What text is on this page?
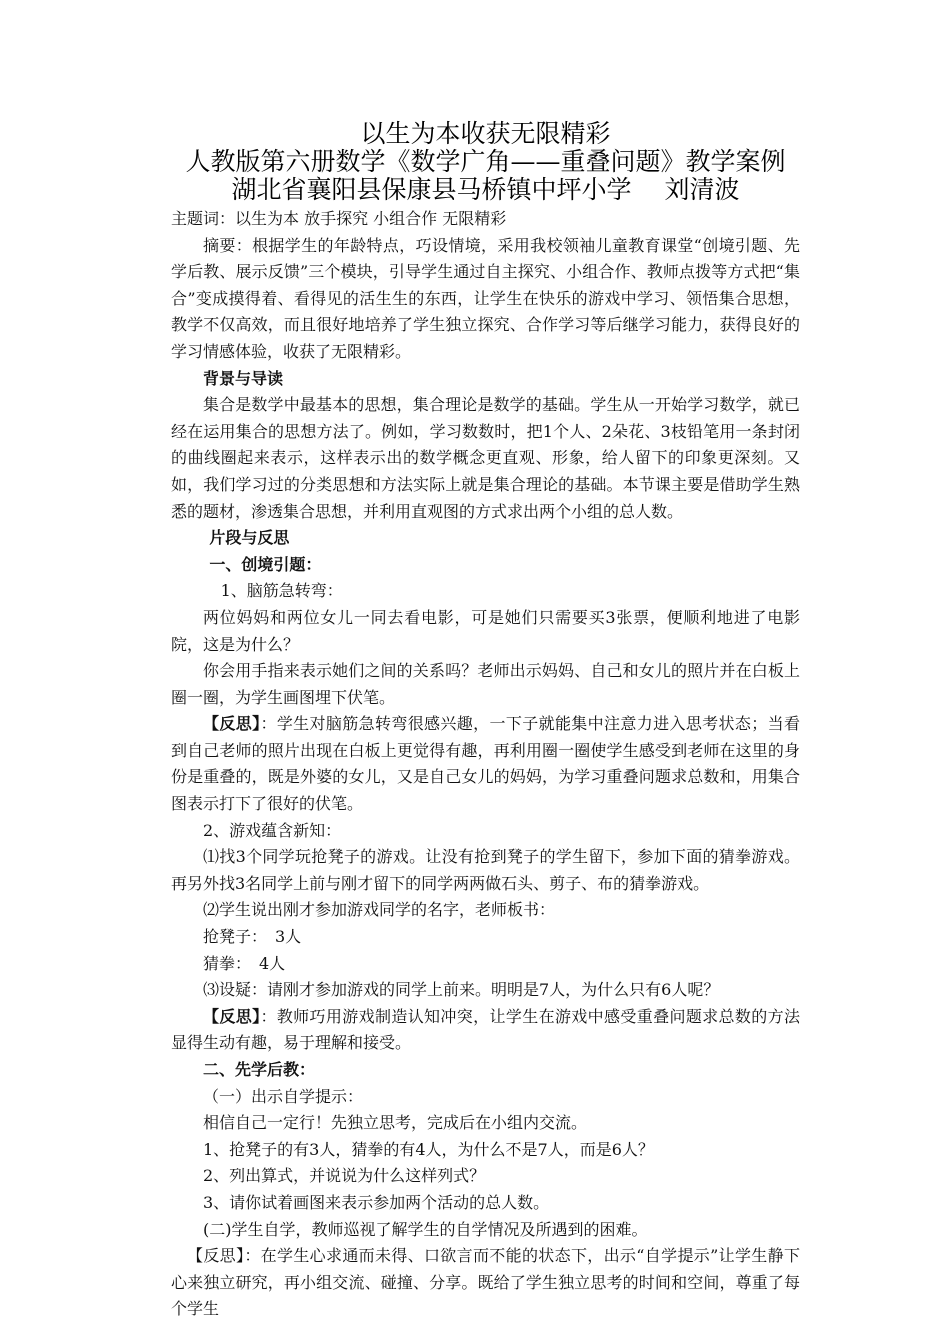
以生为本收获无限精彩
人教版第六册数学《数学广角——重叠问题》教学案例
湖北省襄阳县保康县马桥镇中坪小学　 刘清波

主题词：以生为本 放手探究 小组合作 无限精彩

摘要：根据学生的年龄特点，巧设情境，采用我校领袖儿童教育课堂“创境引题、先学后教、展示反馈”三个模块，引导学生通过自主探究、小组合作、教师点拨等方式把“集合”变成摸得着、看得见的活生生的东西，让学生在快乐的游戏中学习、领悟集合思想，教学不仅高效，而且很好地培养了学生独立探究、合作学习等后继学习能力，获得良好的学习情感体验，收获了无限精彩。

背景与导读

集合是数学中最基本的思想，集合理论是数学的基础。学生从一开始学习数学，就已经在运用集合的思想方法了。例如，学习数数时，把1个人、2朵花、3枝铅笔用一条封闭的曲线圈起来表示，这样表示出的数学概念更直观、形象，给人留下的印象更深刻。又如，我们学习过的分类思想和方法实际上就是集合理论的基础。本节课主要是借助学生熟悉的题材，渗透集合思想，并利用直观图的方式求出两个小组的总人数。

片段与反思

一、创境引题：

1、脑筋急转弯：

两位妈妈和两位女儿一同去看电影，可是她们只需要买3张票，便顺利地进了电影院，这是为什么？

你会用手指来表示她们之间的关系吗？老师出示妈妈、自己和女儿的照片并在白板上圈一圈，为学生画图埋下伏笔。

【反思】：学生对脑筋急转弯很感兴趣，一下子就能集中注意力进入思考状态；当看到自己老师的照片出现在白板上更觉得有趣，再利用圈一圈使学生感受到老师在这里的身份是重叠的，既是外婆的女儿，又是自己女儿的妈妈，为学习重叠问题求总数和，用集合图表示打下了很好的伏笔。

2、游戏蕴含新知：

⑴找3个同学玩抢凳子的游戏。让没有抢到凳子的学生留下，参加下面的猜拳游戏。再另外找3名同学上前与刚才留下的同学两两做石头、剪子、布的猜拳游戏。

⑵学生说出刚才参加游戏同学的名字，老师板书：

抢凳子：　3人

猜拳：　4人

⑶设疑：请刚才参加游戏的同学上前来。明明是7人，为什么只有6人呢？

【反思】：教师巧用游戏制造认知冲突，让学生在游戏中感受重叠问题求总数的方法显得生动有趣，易于理解和接受。

二、先学后教：

（一）出示自学提示：

相信自己一定行！先独立思考，完成后在小组内交流。

1、抢凳子的有3人，猜拳的有4人，为什么不是7人，而是6人？

2、列出算式，并说说为什么这样列式？

3、请你试着画图来表示参加两个活动的总人数。

(二)学生自学，教师巡视了解学生的自学情况及所遇到的困难。

【反思】：在学生心求通而未得、口欲言而不能的状态下，出示“自学提示”让学生静下心来独立研究，再小组交流、碰撞、分享。既给了学生独立思考的时间和空间，尊重了每个学生
